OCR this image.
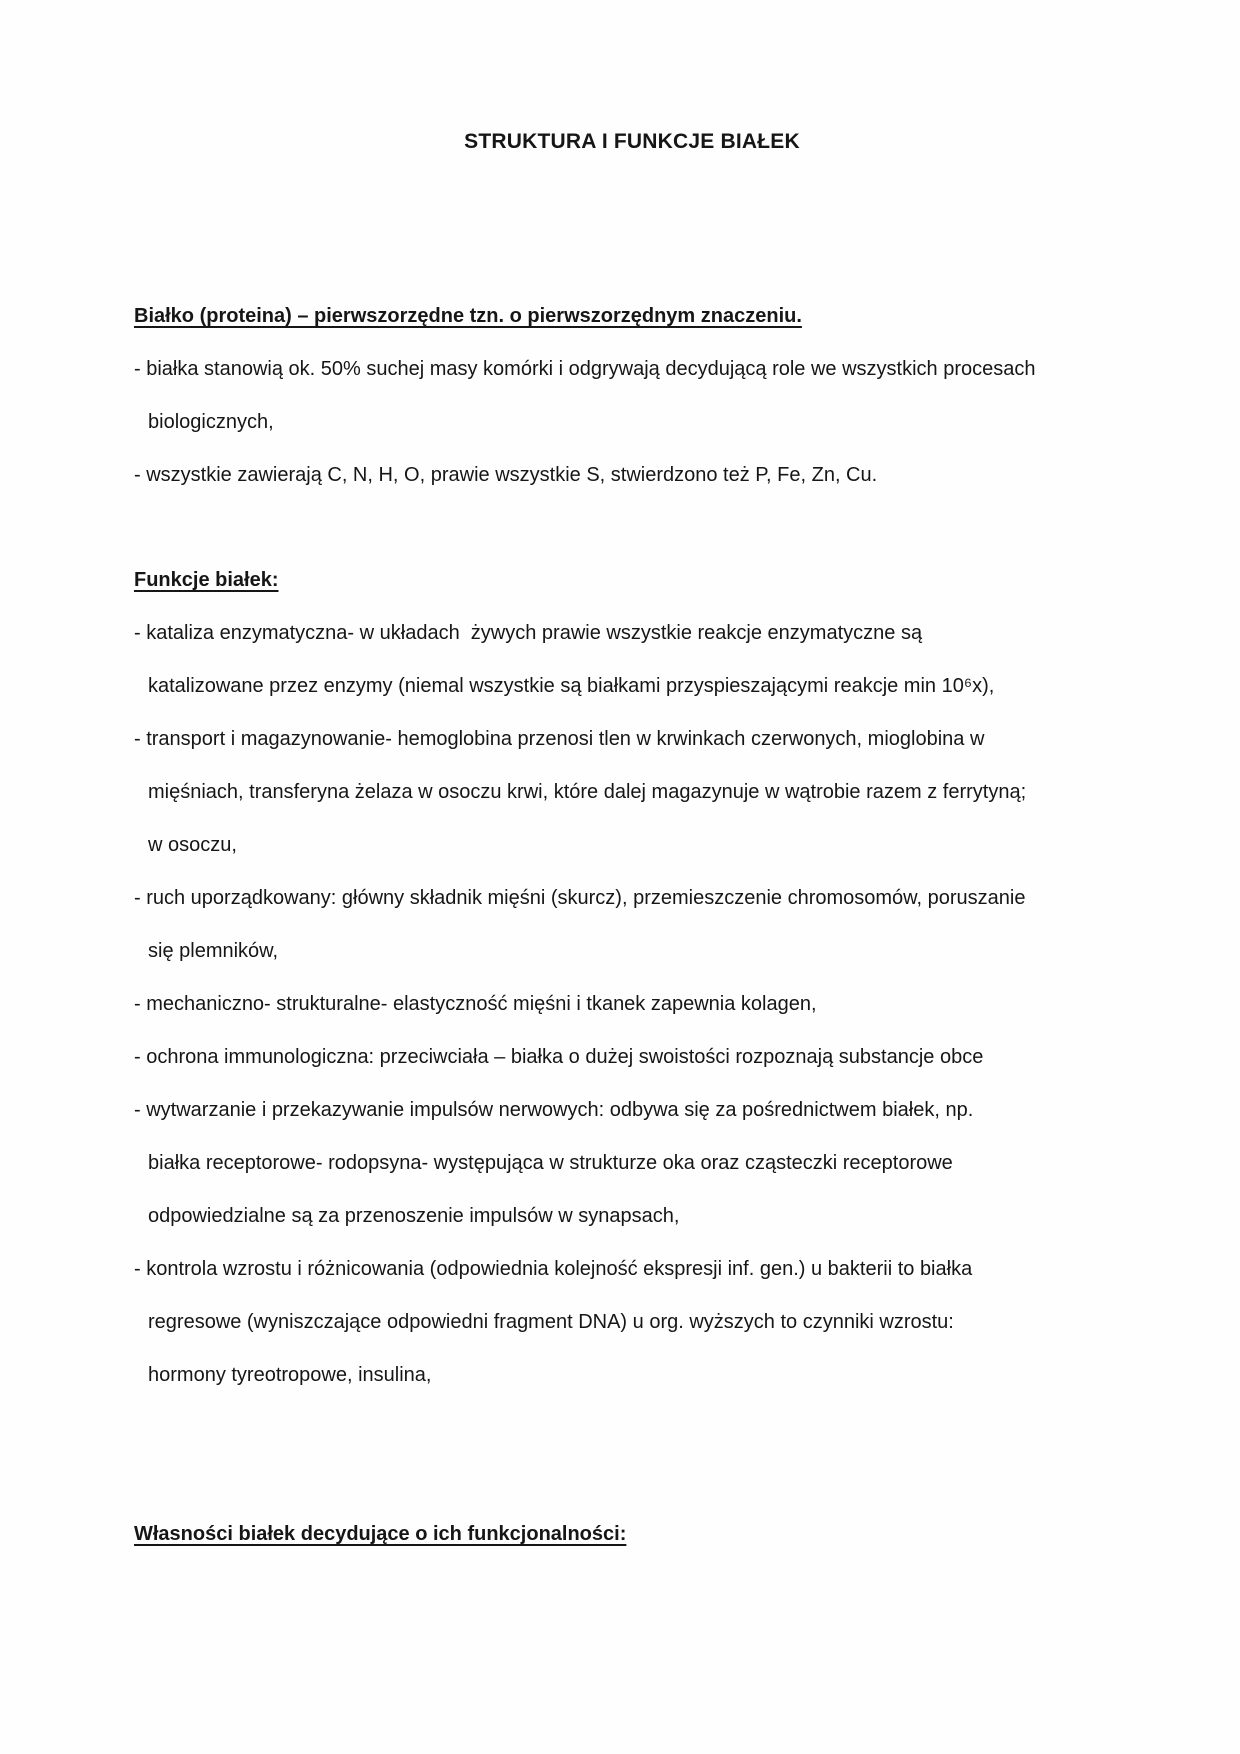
STRUKTURA I FUNKCJE BIAŁEK

Białko (proteina) – pierwszorzędne tzn. o pierwszorzędnym znaczeniu.

- białka stanowią ok. 50% suchej masy komórki i odgrywają decydującą role we wszystkich procesach
biologicznych,
- wszystkie zawierają C, N, H, O, prawie wszystkie S, stwierdzono też P, Fe, Zn, Cu.

Funkcje białek:

- kataliza enzymatyczna- w układach  żywych prawie wszystkie reakcje enzymatyczne są
katalizowane przez enzymy (niemal wszystkie są białkami przyspieszającymi reakcje min 10⁶x),
- transport i magazynowanie- hemoglobina przenosi tlen w krwinkach czerwonych, mioglobina w
mięśniach, transferyna żelaza w osoczu krwi, które dalej magazynuje w wątrobie razem z ferrytyną;
w osoczu,
- ruch uporządkowany: główny składnik mięśni (skurcz), przemieszczenie chromosomów, poruszanie
się plemników,
- mechaniczno- strukturalne- elastyczność mięśni i tkanek zapewnia kolagen,
- ochrona immunologiczna: przeciwciała – białka o dużej swoistości rozpoznają substancje obce
- wytwarzanie i przekazywanie impulsów nerwowych: odbywa się za pośrednictwem białek, np.
białka receptorowe- rodopsyna- występująca w strukturze oka oraz cząsteczki receptorowe
odpowiedzialne są za przenoszenie impulsów w synapsach,
- kontrola wzrostu i różnicowania (odpowiednia kolejność ekspresji inf. gen.) u bakterii to białka
regresowe (wyniszczające odpowiedni fragment DNA) u org. wyższych to czynniki wzrostu:
hormony tyreotropowe, insulina,

Własności białek decydujące o ich funkcjonalności:
